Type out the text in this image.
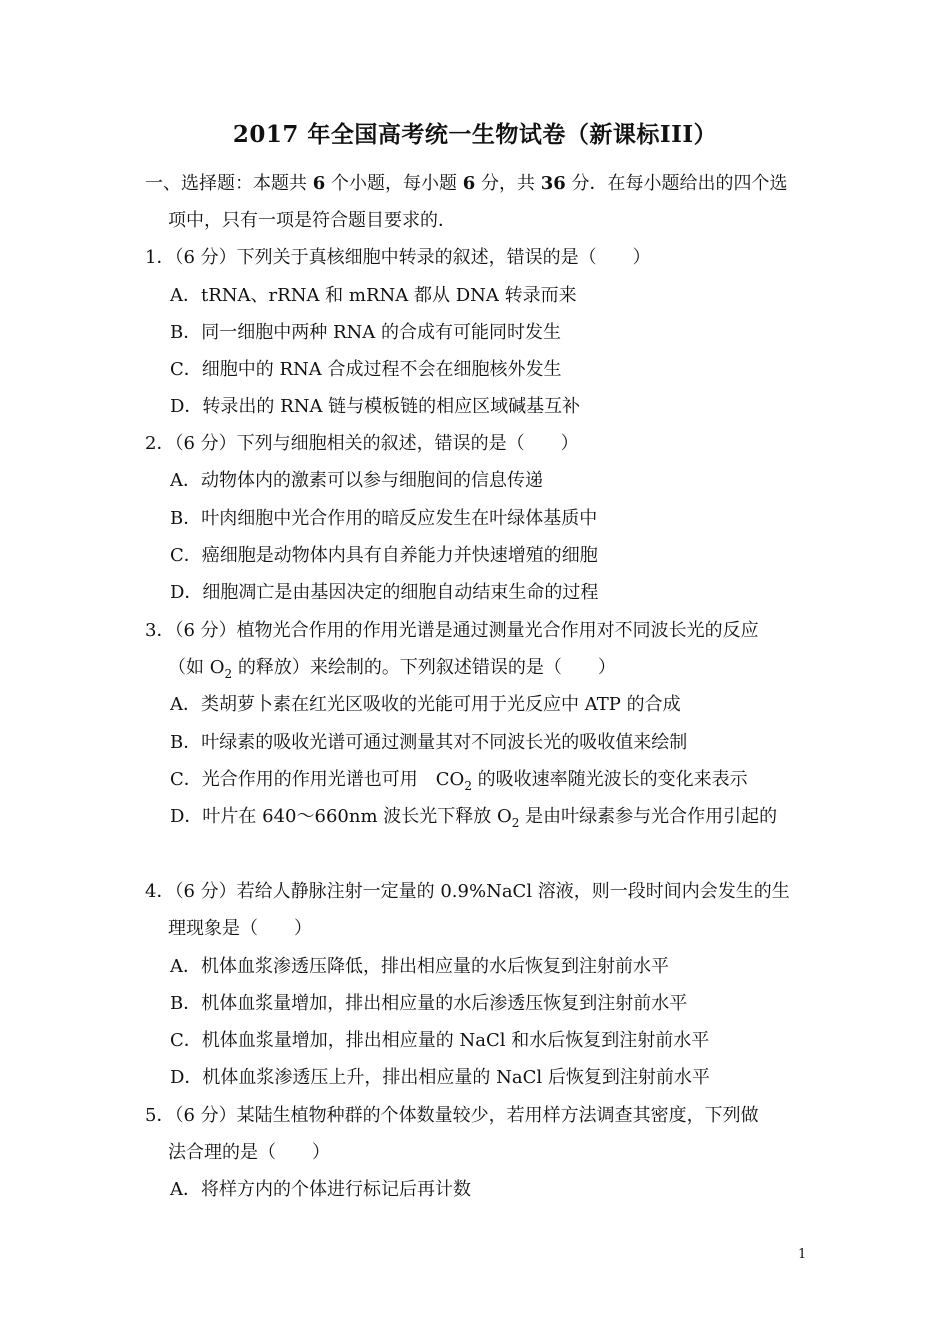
2017 年全国高考统一生物试卷（新课标III）
一、选择题：本题共 6 个小题，每小题 6 分，共 36 分．在每小题给出的四个选
项中，只有一项是符合题目要求的．
1．（6 分）下列关于真核细胞中转录的叙述，错误的是（　　）
A．tRNA、rRNA 和 mRNA 都从 DNA 转录而来
B．同一细胞中两种 RNA 的合成有可能同时发生
C．细胞中的 RNA 合成过程不会在细胞核外发生
D．转录出的 RNA 链与模板链的相应区域碱基互补
2．（6 分）下列与细胞相关的叙述，错误的是（　　）
A．动物体内的激素可以参与细胞间的信息传递
B．叶肉细胞中光合作用的暗反应发生在叶绿体基质中
C．癌细胞是动物体内具有自养能力并快速增殖的细胞
D．细胞凋亡是由基因决定的细胞自动结束生命的过程
3．（6 分）植物光合作用的作用光谱是通过测量光合作用对不同波长光的反应
（如 $O_2$ 的释放）来绘制的。下列叙述错误的是（　　）
A．类胡萝卜素在红光区吸收的光能可用于光反应中 ATP 的合成
B．叶绿素的吸收光谱可通过测量其对不同波长光的吸收值来绘制
C．光合作用的作用光谱也可用　$CO_2$ 的吸收速率随光波长的变化来表示
D．叶片在 640～660nm 波长光下释放 $O_2$ 是由叶绿素参与光合作用引起的
4．（6 分）若给人静脉注射一定量的 0.9%NaCl 溶液，则一段时间内会发生的生
理现象是（　　）
A．机体血浆渗透压降低，排出相应量的水后恢复到注射前水平
B．机体血浆量增加，排出相应量的水后渗透压恢复到注射前水平
C．机体血浆量增加，排出相应量的 NaCl 和水后恢复到注射前水平
D．机体血浆渗透压上升，排出相应量的 NaCl 后恢复到注射前水平
5．（6 分）某陆生植物种群的个体数量较少，若用样方法调查其密度，下列做
法合理的是（　　）
A．将样方内的个体进行标记后再计数
1
